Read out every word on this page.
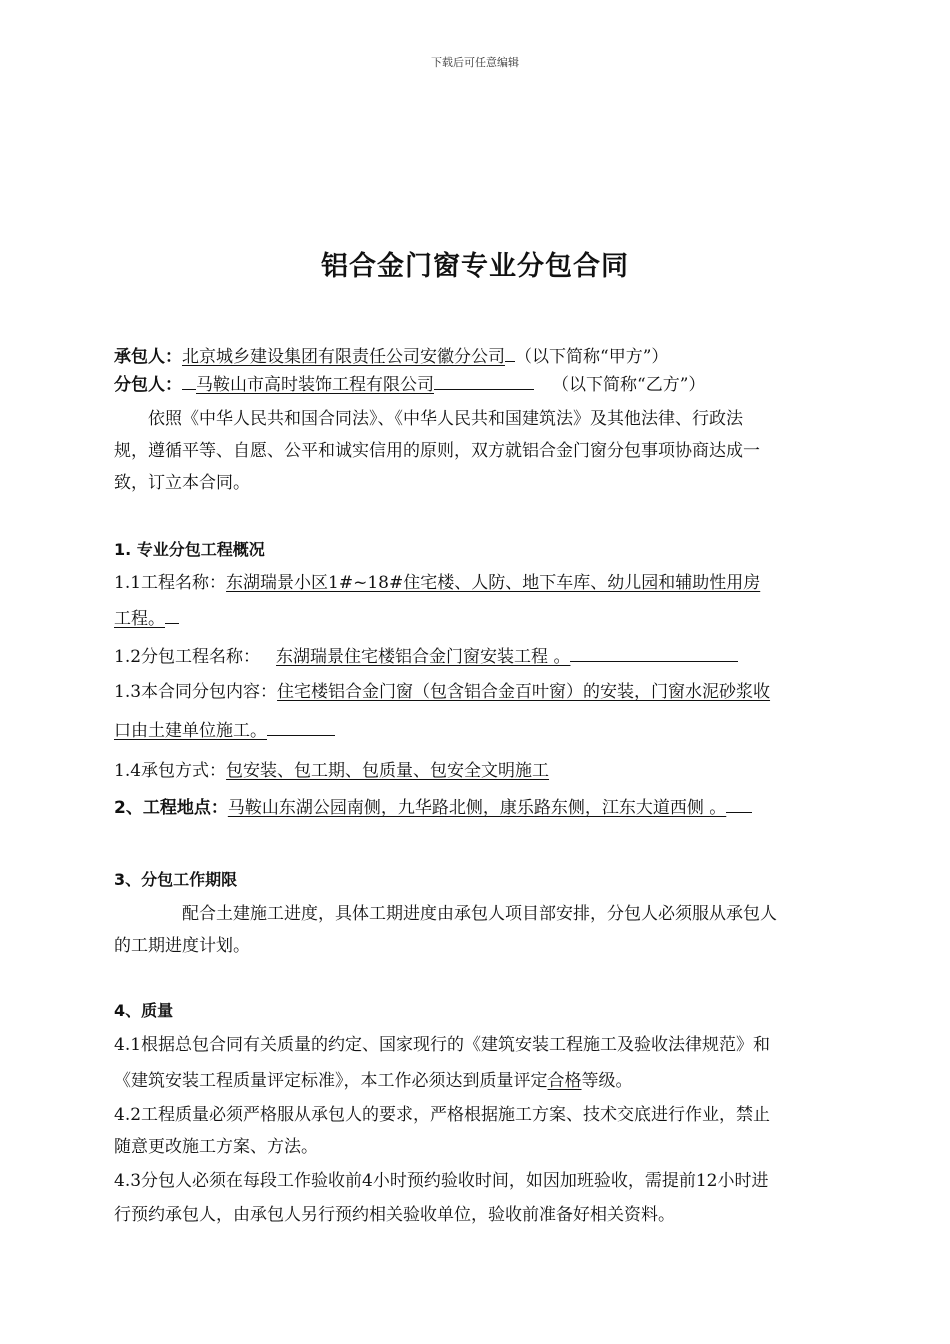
下载后可任意编辑
铝合金门窗专业分包合同
承包人：北京城乡建设集团有限责任公司安徽分公司 （以下简称“甲方”）
分包人： 马鞍山市高时装饰工程有限公司	（以下简称“乙方”）
依照《中华人民共和国合同法》、《中华人民共和国建筑法》及其他法律、行政法
规，遵循平等、自愿、公平和诚实信用的原则，双方就铝合金门窗分包事项协商达成一
致，订立本合同。
1. 专业分包工程概况
1.1工程名称：东湖瑞景小区1#~18#住宅楼、人防、地下车库、幼儿园和辅助性用房
工程。
1.2分包工程名称： 东湖瑞景住宅楼铝合金门窗安装工程 。
1.3本合同分包内容：住宅楼铝合金门窗（包含铝合金百叶窗）的安装，门窗水泥砂浆收
口由土建单位施工。
1.4承包方式：包安装、包工期、包质量、包安全文明施工
2、工程地点：马鞍山东湖公园南侧，九华路北侧，康乐路东侧，江东大道西侧 。
3、分包工作期限
配合土建施工进度，具体工期进度由承包人项目部安排，分包人必须服从承包人
的工期进度计划。
4、质量
4.1根据总包合同有关质量的约定、国家现行的《建筑安装工程施工及验收法律规范》和
《建筑安装工程质量评定标准》，本工作必须达到质量评定合格等级。
4.2工程质量必须严格服从承包人的要求，严格根据施工方案、技术交底进行作业，禁止
随意更改施工方案、方法。
4.3分包人必须在每段工作验收前4小时预约验收时间，如因加班验收，需提前12小时进
行预约承包人，由承包人另行预约相关验收单位，验收前准备好相关资料。
